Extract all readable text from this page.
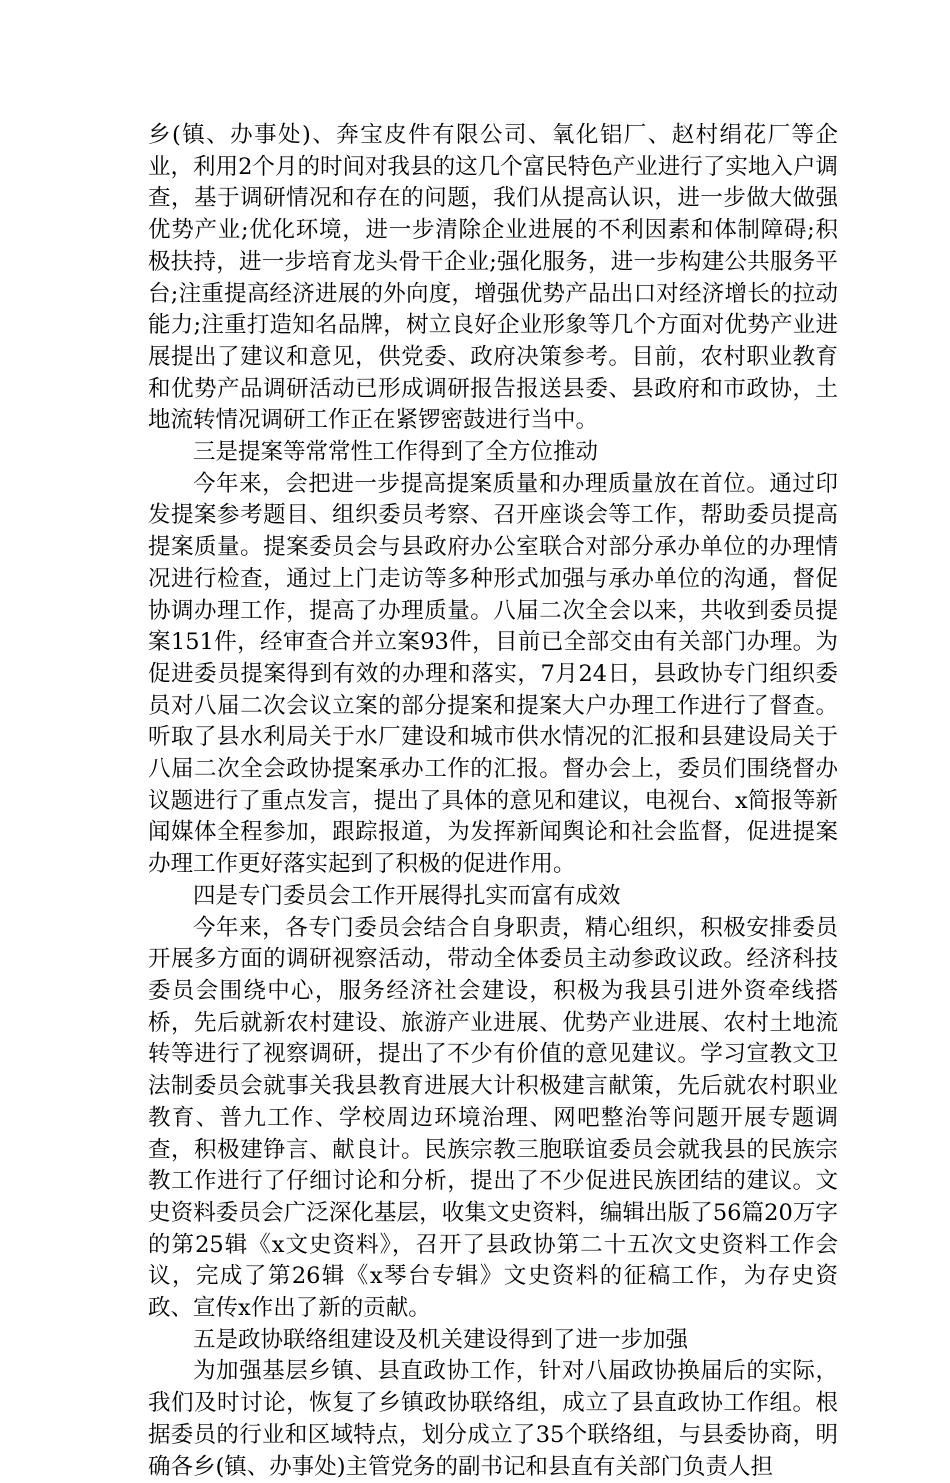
乡(镇、办事处)、奔宝皮件有限公司、氧化铝厂、赵村绢花厂等企业，利用2个月的时间对我县的这几个富民特色产业进行了实地入户调查，基于调研情况和存在的问题，我们从提高认识，进一步做大做强优势产业;优化环境，进一步清除企业进展的不利因素和体制障碍;积极扶持，进一步培育龙头骨干企业;强化服务，进一步构建公共服务平台;注重提高经济进展的外向度，增强优势产品出口对经济增长的拉动能力;注重打造知名品牌，树立良好企业形象等几个方面对优势产业进展提出了建议和意见，供党委、政府决策参考。目前，农村职业教育和优势产品调研活动已形成调研报告报送县委、县政府和市政协，土地流转情况调研工作正在紧锣密鼓进行当中。

三是提案等常常性工作得到了全方位推动

今年来，会把进一步提高提案质量和办理质量放在首位。通过印发提案参考题目、组织委员考察、召开座谈会等工作，帮助委员提高提案质量。提案委员会与县政府办公室联合对部分承办单位的办理情况进行检查，通过上门走访等多种形式加强与承办单位的沟通，督促协调办理工作，提高了办理质量。八届二次全会以来，共收到委员提案151件，经审查合并立案93件，目前已全部交由有关部门办理。为促进委员提案得到有效的办理和落实，7月24日，县政协专门组织委员对八届二次会议立案的部分提案和提案大户办理工作进行了督查。听取了县水利局关于水厂建设和城市供水情况的汇报和县建设局关于八届二次全会政协提案承办工作的汇报。督办会上，委员们围绕督办议题进行了重点发言，提出了具体的意见和建议，电视台、x简报等新闻媒体全程参加，跟踪报道，为发挥新闻舆论和社会监督，促进提案办理工作更好落实起到了积极的促进作用。

四是专门委员会工作开展得扎实而富有成效

今年来，各专门委员会结合自身职责，精心组织，积极安排委员开展多方面的调研视察活动，带动全体委员主动参政议政。经济科技委员会围绕中心，服务经济社会建设，积极为我县引进外资牵线搭桥，先后就新农村建设、旅游产业进展、优势产业进展、农村土地流转等进行了视察调研，提出了不少有价值的意见建议。学习宣教文卫法制委员会就事关我县教育进展大计积极建言献策，先后就农村职业教育、普九工作、学校周边环境治理、网吧整治等问题开展专题调查，积极建铮言、献良计。民族宗教三胞联谊委员会就我县的民族宗教工作进行了仔细讨论和分析，提出了不少促进民族团结的建议。文史资料委员会广泛深化基层，收集文史资料，编辑出版了56篇20万字的第25辑《x文史资料》，召开了县政协第二十五次文史资料工作会议，完成了第26辑《x琴台专辑》文史资料的征稿工作，为存史资政、宣传x作出了新的贡献。

五是政协联络组建设及机关建设得到了进一步加强

为加强基层乡镇、县直政协工作，针对八届政协换届后的实际，我们及时讨论，恢复了乡镇政协联络组，成立了县直政协工作组。根据委员的行业和区域特点，划分成立了35个联络组，与县委协商，明确各乡(镇、办事处)主管党务的副书记和县直有关部门负责人担
